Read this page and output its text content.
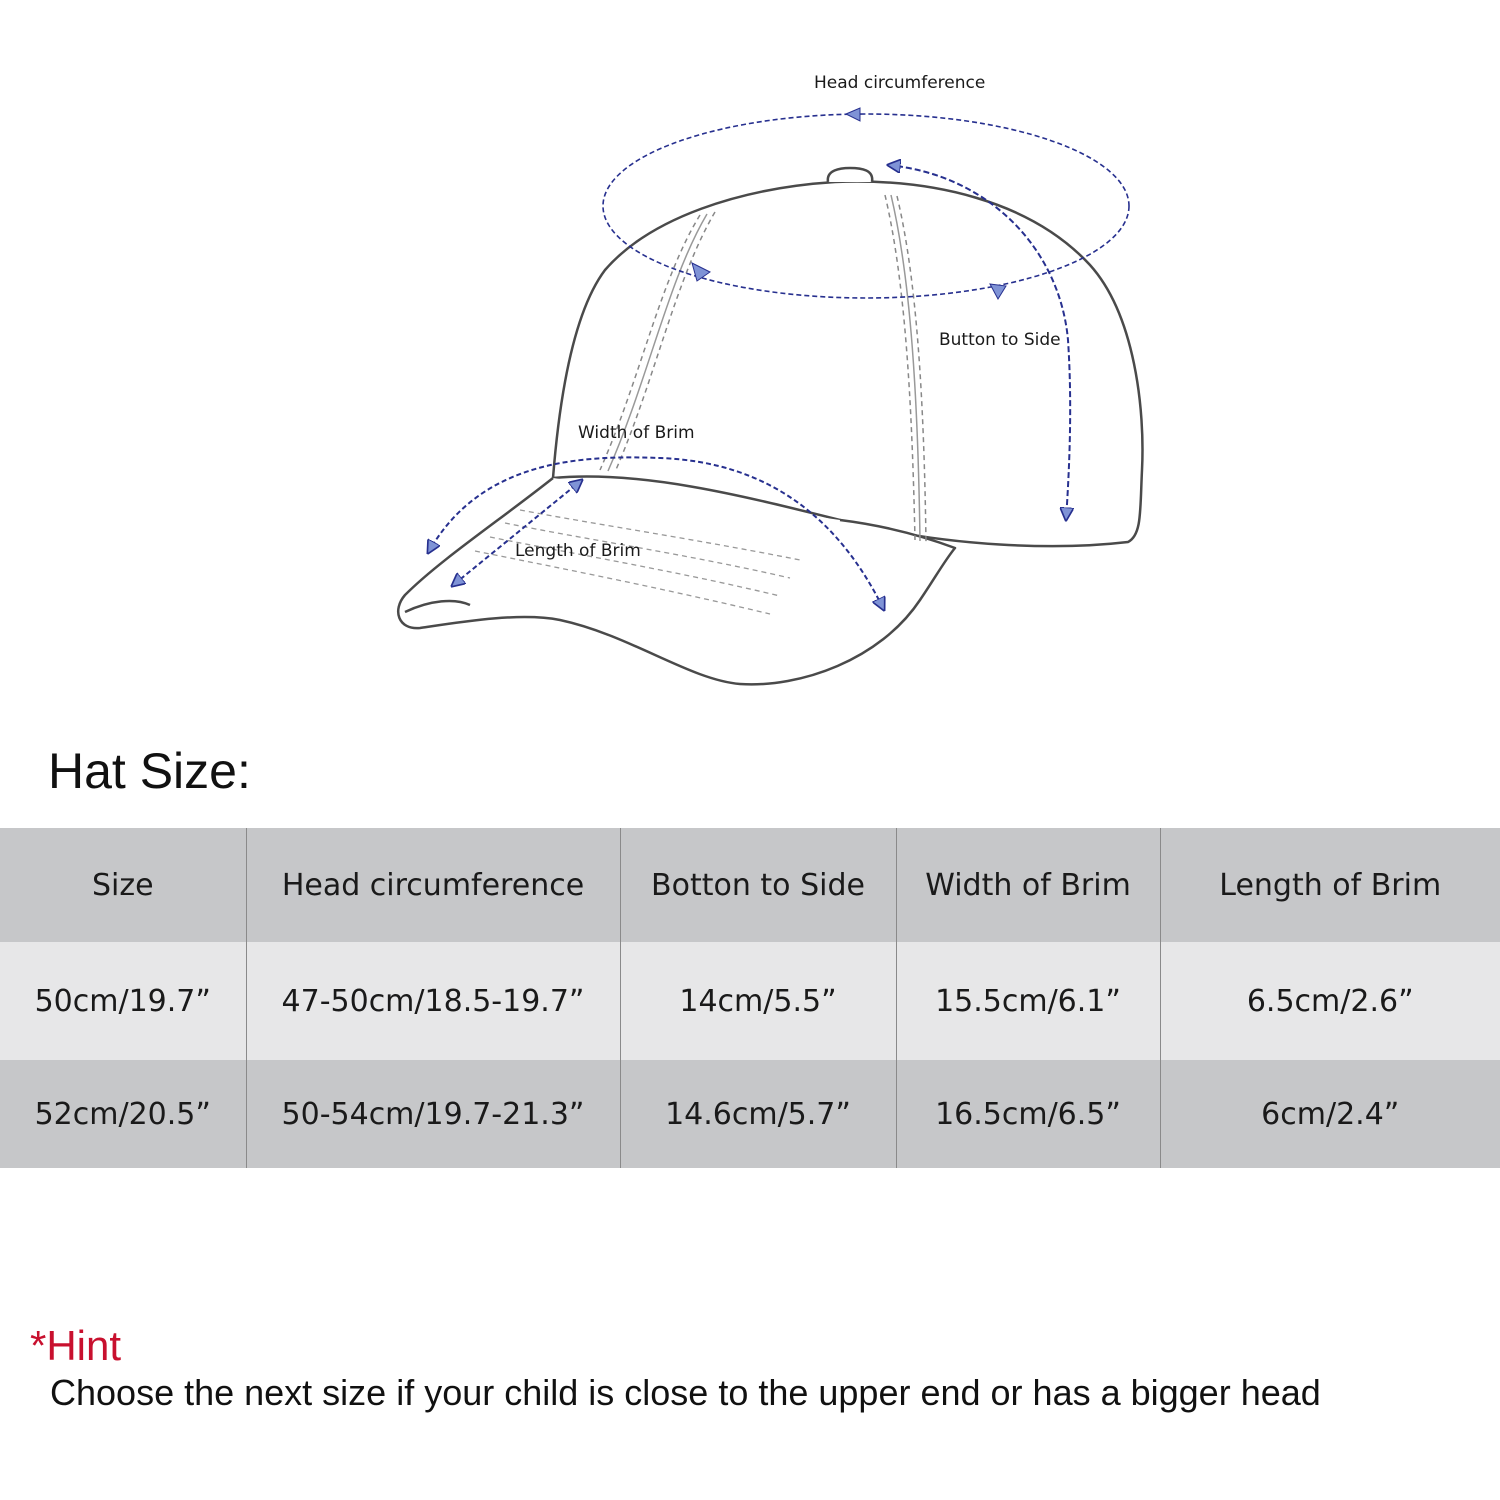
Head circumference
Button to Side
Width of Brim
Length of Brim
Hat Size:
Size	Head circumference	Botton to Side	Width of Brim	Length of Brim
50cm/19.7”	47-50cm/18.5-19.7”	14cm/5.5”	15.5cm/6.1”	6.5cm/2.6”
52cm/20.5”	50-54cm/19.7-21.3”	14.6cm/5.7”	16.5cm/6.5”	6cm/2.4”
*Hint
Choose the next size if your child is close to the upper end or has a bigger head
